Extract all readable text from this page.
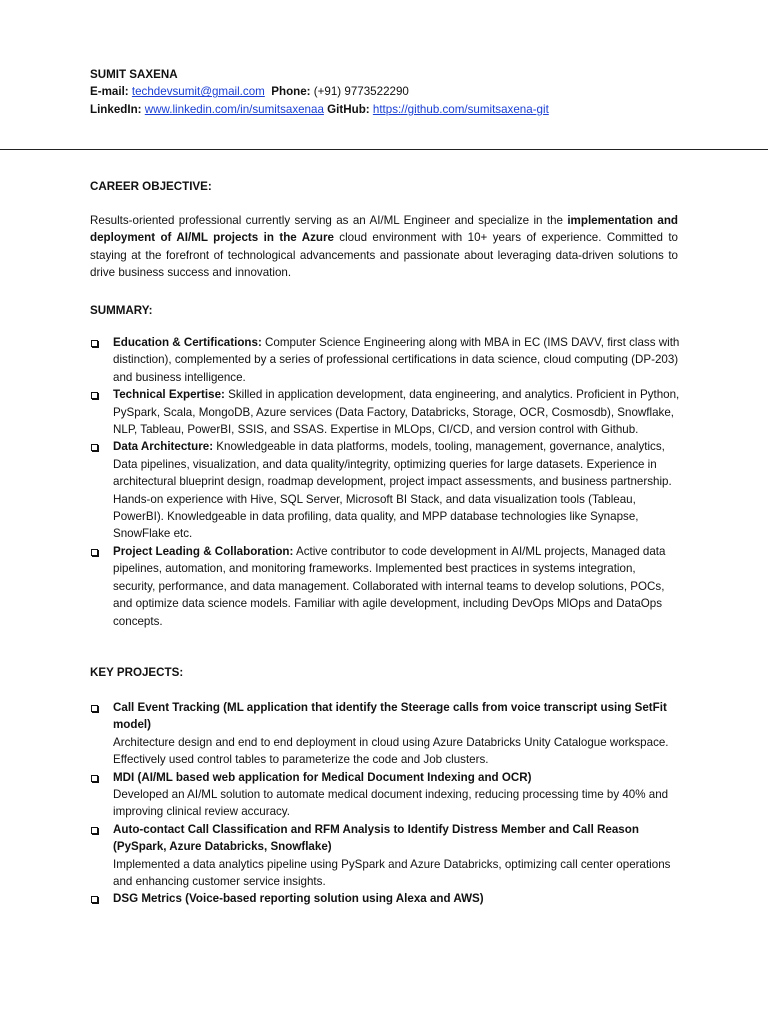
SUMIT SAXENA
E-mail: techdevsumit@gmail.com Phone: (+91) 9773522290
LinkedIn: www.linkedin.com/in/sumitsaxenaa GitHub: https://github.com/sumitsaxena-git
CAREER OBJECTIVE:
Results-oriented professional currently serving as an AI/ML Engineer and specialize in the implementation and deployment of AI/ML projects in the Azure cloud environment with 10+ years of experience. Committed to staying at the forefront of technological advancements and passionate about leveraging data-driven solutions to drive business success and innovation.
SUMMARY:
Education & Certifications: Computer Science Engineering along with MBA in EC (IMS DAVV, first class with distinction), complemented by a series of professional certifications in data science, cloud computing (DP-203) and business intelligence.
Technical Expertise: Skilled in application development, data engineering, and analytics. Proficient in Python, PySpark, Scala, MongoDB, Azure services (Data Factory, Databricks, Storage, OCR, Cosmosdb), Snowflake, NLP, Tableau, PowerBI, SSIS, and SSAS. Expertise in MLOps, CI/CD, and version control with Github.
Data Architecture: Knowledgeable in data platforms, models, tooling, management, governance, analytics, Data pipelines, visualization, and data quality/integrity, optimizing queries for large datasets. Experience in architectural blueprint design, roadmap development, project impact assessments, and business partnership. Hands-on experience with Hive, SQL Server, Microsoft BI Stack, and data visualization tools (Tableau, PowerBI). Knowledgeable in data profiling, data quality, and MPP database technologies like Synapse, SnowFlake etc.
Project Leading & Collaboration: Active contributor to code development in AI/ML projects, Managed data pipelines, automation, and monitoring frameworks. Implemented best practices in systems integration, security, performance, and data management. Collaborated with internal teams to develop solutions, POCs, and optimize data science models. Familiar with agile development, including DevOps MlOps and DataOps concepts.
KEY PROJECTS:
Call Event Tracking (ML application that identify the Steerage calls from voice transcript using SetFit model)
Architecture design and end to end deployment in cloud using Azure Databricks Unity Catalogue workspace. Effectively used control tables to parameterize the code and Job clusters.
MDI (AI/ML based web application for Medical Document Indexing and OCR)
Developed an AI/ML solution to automate medical document indexing, reducing processing time by 40% and improving clinical review accuracy.
Auto-contact Call Classification and RFM Analysis to Identify Distress Member and Call Reason (PySpark, Azure Databricks, Snowflake)
Implemented a data analytics pipeline using PySpark and Azure Databricks, optimizing call center operations and enhancing customer service insights.
DSG Metrics (Voice-based reporting solution using Alexa and AWS)
